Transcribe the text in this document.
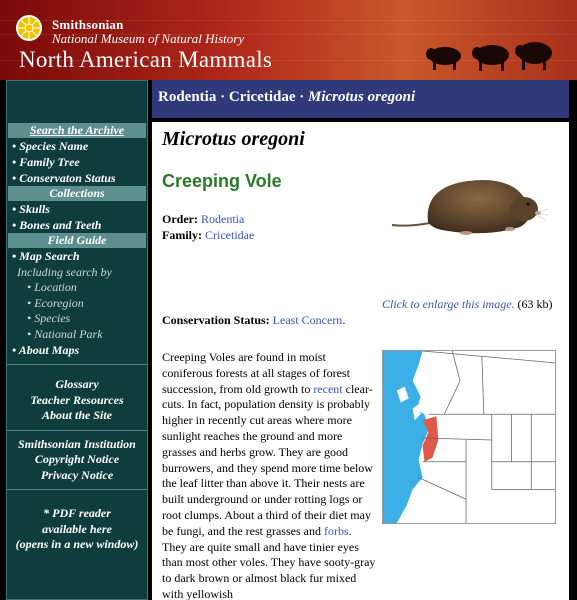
Smithsonian
National Museum of Natural History
North American Mammals
Search the Archive
• Species Name
• Family Tree
• Conservaton Status
Collections
• Skulls
• Bones and Teeth
Field Guide
• Map Search
Including search by
• Location
• Ecoregion
• Species
• National Park
• About Maps
Glossary
Teacher Resources
About the Site
Smithsonian Institution
Copyright Notice
Privacy Notice
* PDF reader
available here
(opens in a new window)
Rodentia · Cricetidae · Microtus oregoni
Microtus oregoni
Creeping Vole
Order: Rodentia
Family: Cricetidae
Click to enlarge this image. (63 kb)
Conservation Status: Least Concern.
Creeping Voles are found in moist coniferous forests at all stages of forest succession, from old growth to recent clear-cuts. In fact, population density is probably higher in recently cut areas where more sunlight reaches the ground and more grasses and herbs grow. They are good burrowers, and they spend more time below the leaf litter than above it. Their nests are built underground or under rotting logs or root clumps. About a third of their diet may be fungi, and the rest grasses and forbs. They are quite small and have tinier eyes than most other voles. They have sooty-gray to dark brown or almost black fur mixed with yellowish
